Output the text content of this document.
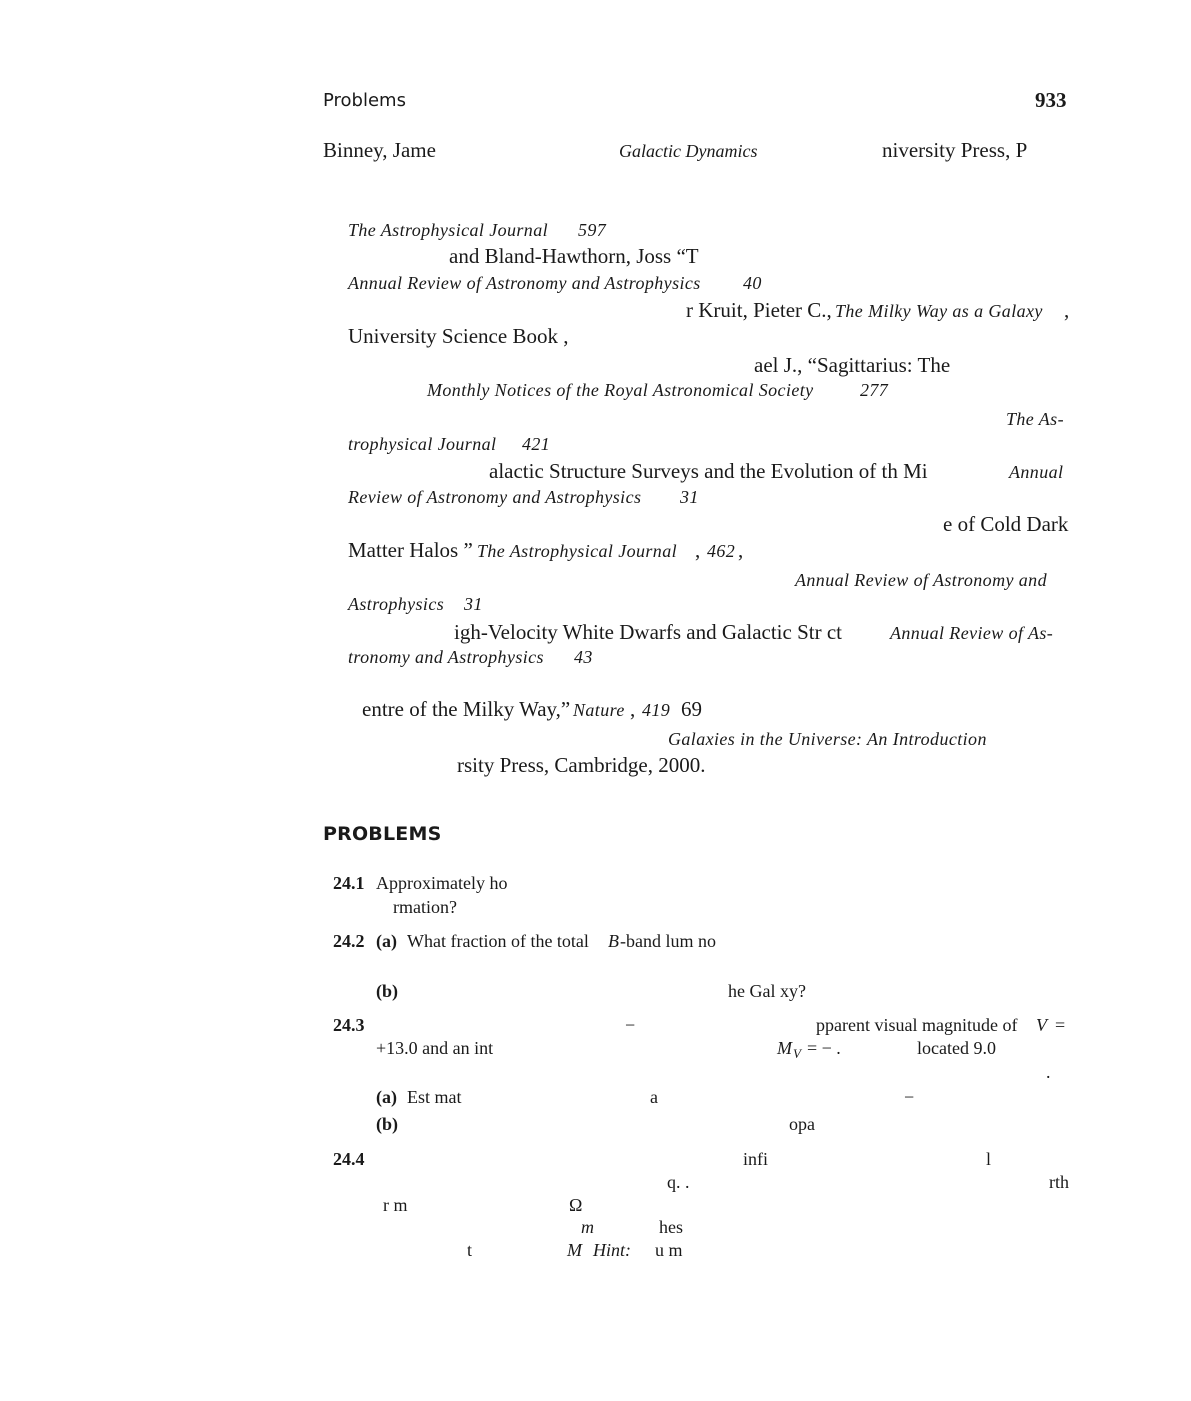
Problems	933
Binney, Jame	Galactic Dynamics	niversity Press, P
The Astrophysical Journal 597
and Bland-Hawthorn, Joss “T
Annual Review of Astronomy and Astrophysics 40
r Kruit, Pieter C., The Milky Way as a Galaxy ,
University Science Book ,
ael J., “Sagittarius: The
Monthly Notices of the Royal Astronomical Society	277
The As-
trophysical Journal 421
alactic Structure Surveys and the Evolution of th Mi	Annual
Review of Astronomy and Astrophysics 31
e of Cold Dark
Matter Halos ” The Astrophysical Journal , 462 ,
Annual Review of Astronomy and
Astrophysics 31
igh-Velocity White Dwarfs and Galactic Str ct	Annual Review of As-
tronomy and Astrophysics 43
entre of the Milky Way,” Nature , 419 69
Galaxies in the Universe: An Introduction
rsity Press, Cambridge, 2000.
PROBLEMS
24.1 Approximately ho
rmation?
24.2 (a) What fraction of the total B -band lum no
(b)	he Gal xy?
24.3	−	pparent visual magnitude of V =
+13.0 and an int	M V = − .	located 9.0
.
(a) Est mat	a	−
(b)	opa
24.4	infi	l
q. .	rth
r m	Ω
m	hes
t	M Hint: u m
